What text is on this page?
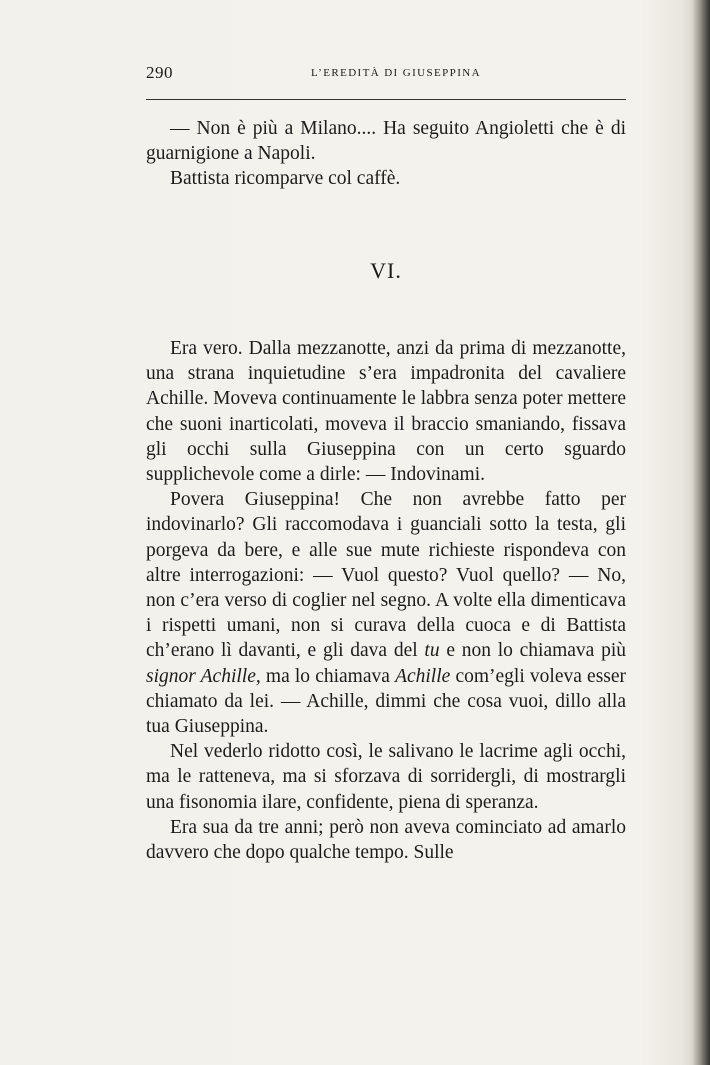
290	L’EREDITÀ DI GIUSEPPINA

— Non è più a Milano.... Ha seguito Angioletti che è di guarnigione a Napoli.

Battista ricomparve col caffè.

VI.

Era vero. Dalla mezzanotte, anzi da prima di mezzanotte, una strana inquietudine s’era impadronita del cavaliere Achille. Moveva continuamente le labbra senza poter mettere che suoni inarticolati, moveva il braccio smaniando, fissava gli occhi sulla Giuseppina con un certo sguardo supplichevole come a dirle: — Indovinami.

Povera Giuseppina! Che non avrebbe fatto per indovinarlo? Gli raccomodava i guanciali sotto la testa, gli porgeva da bere, e alle sue mute richieste rispondeva con altre interrogazioni: — Vuol questo? Vuol quello? — No, non c’era verso di coglier nel segno. A volte ella dimenticava i rispetti umani, non si curava della cuoca e di Battista ch’erano lì davanti, e gli dava del tu e non lo chiamava più signor Achille, ma lo chiamava Achille com’egli voleva esser chiamato da lei. — Achille, dimmi che cosa vuoi, dillo alla tua Giuseppina.

Nel vederlo ridotto così, le salivano le lacrime agli occhi, ma le ratteneva, ma si sforzava di sorridergli, di mostrargli una fisonomia ilare, confidente, piena di speranza.

Era sua da tre anni; però non aveva cominciato ad amarlo davvero che dopo qualche tempo. Sulle
